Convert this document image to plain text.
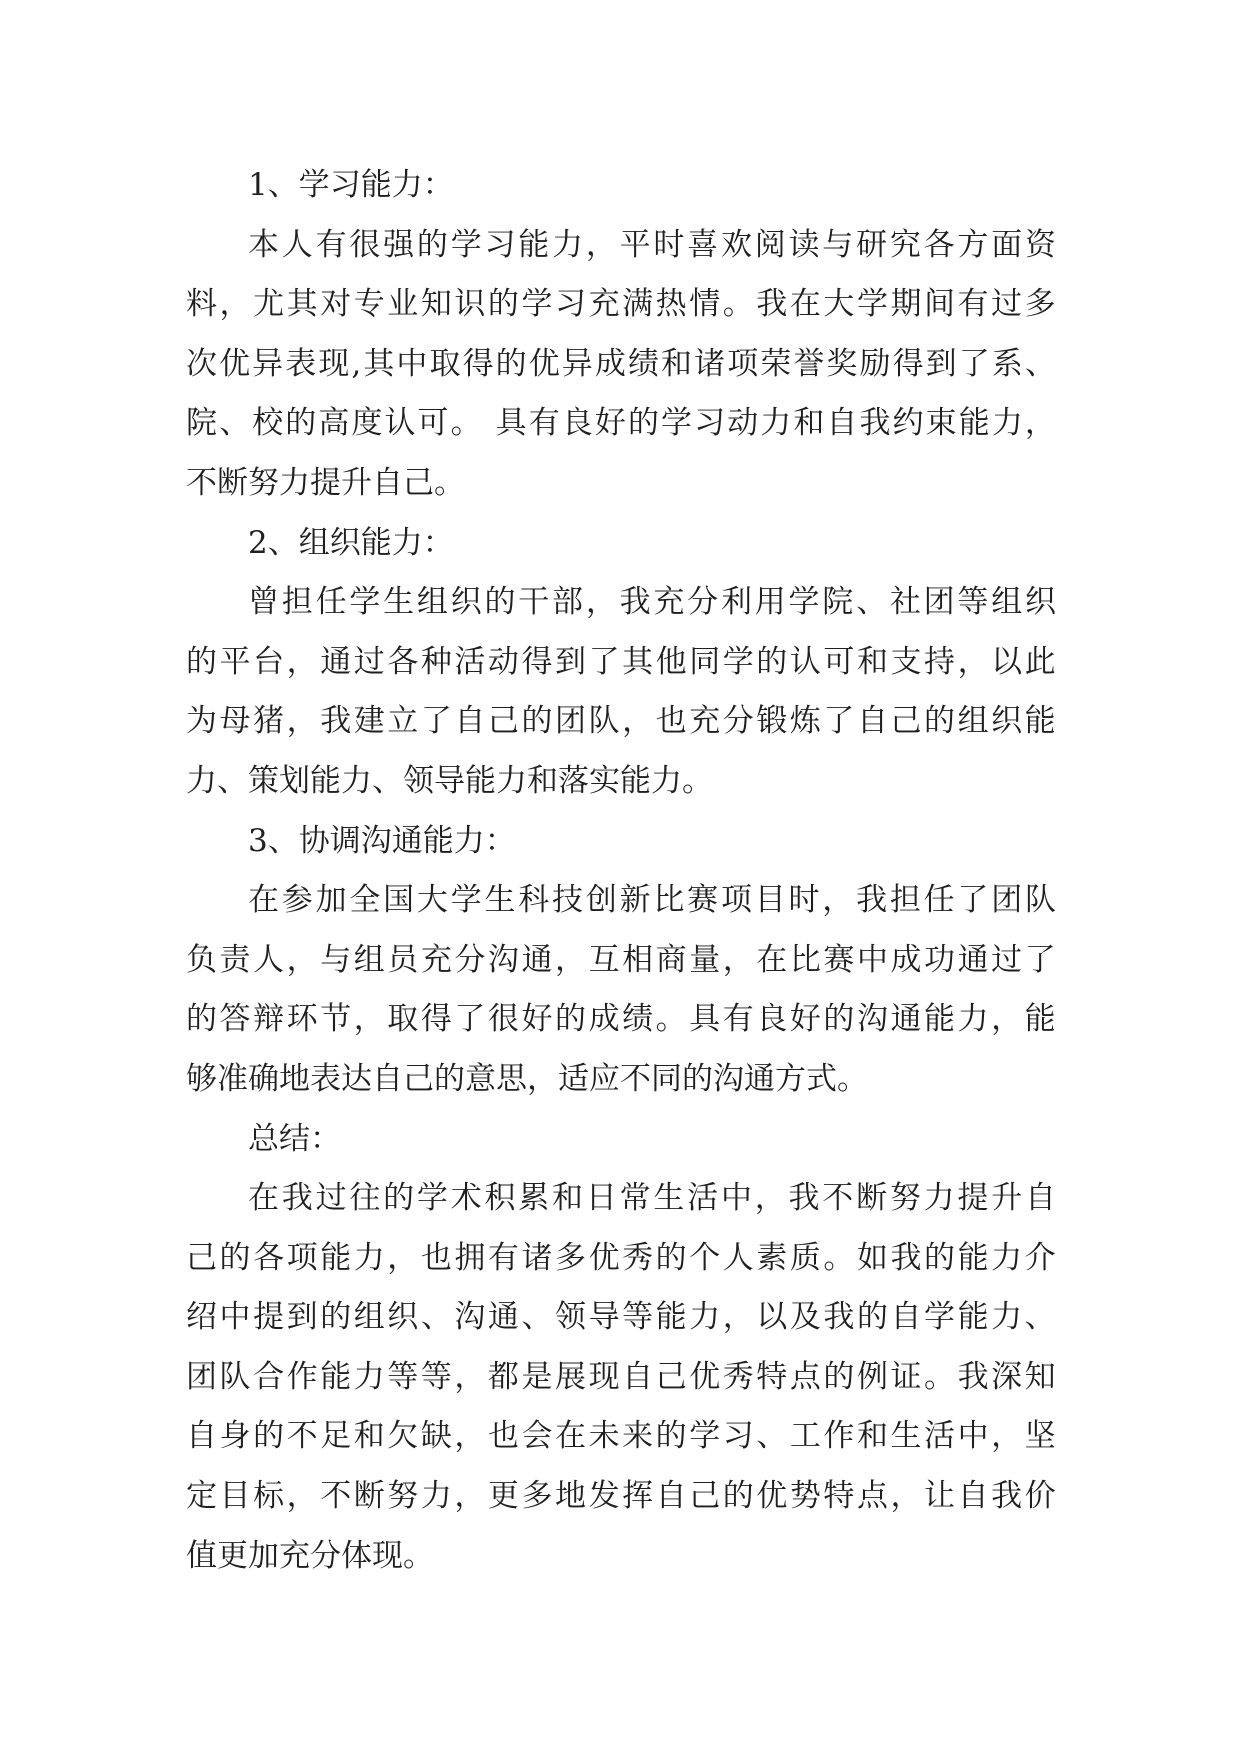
1、学习能力：
本 人 有 很 强 的 学 习 能 力 ， 平 时 喜 欢 阅 读 与 研 究 各 方 面 资
料 ， 尤 其 对 专 业 知 识 的 学 习 充 满 热 情 。 我 在 大 学 期 间 有 过 多
次 优 异 表 现 , 其 中 取 得 的 优 异 成 绩 和 诸 项 荣 誉 奖 励 得 到 了 系 、
院 、 校 的 高 度 认 可 。
具 有 良 好 的 学 习 动 力 和 自 我 约 束 能 力 ，
不断努力提升自己。
2、组织能力：
曾 担 任 学 生 组 织 的 干 部 ， 我 充 分 利 用 学 院 、 社 团 等 组 织
的 平 台 ， 通 过 各 种 活 动 得 到 了 其 他 同 学 的 认 可 和 支 持 ， 以 此
为 母 猪 ， 我 建 立 了 自 己 的 团 队 ， 也 充 分 锻 炼 了 自 己 的 组 织 能
力、策划能力、领导能力和落实能力。
3、协调沟通能力：
在 参 加 全 国 大 学 生 科 技 创 新 比 赛 项 目 时 ， 我 担 任 了 团 队
负 责 人 ， 与 组 员 充 分 沟 通 ， 互 相 商 量 ， 在 比 赛 中 成 功 通 过 了
的 答 辩 环 节 ， 取 得 了 很 好 的 成 绩 。 具 有 良 好 的 沟 通 能 力 ， 能
够准确地表达自己的意思，适应不同的沟通方式。
总结：
在 我 过 往 的 学 术 积 累 和 日 常 生 活 中 ， 我 不 断 努 力 提 升 自
己 的 各 项 能 力 ， 也 拥 有 诸 多 优 秀 的 个 人 素 质 。 如 我 的 能 力 介
绍 中 提 到 的 组 织 、 沟 通 、 领 导 等 能 力 ， 以 及 我 的 自 学 能 力 、
团 队 合 作 能 力 等 等 ， 都 是 展 现 自 己 优 秀 特 点 的 例 证 。 我 深 知
自 身 的 不 足 和 欠 缺 ， 也 会 在 未 来 的 学 习 、 工 作 和 生 活 中 ， 坚
定 目 标 ， 不 断 努 力 ， 更 多 地 发 挥 自 己 的 优 势 特 点 ， 让 自 我 价
值更加充分体现。
